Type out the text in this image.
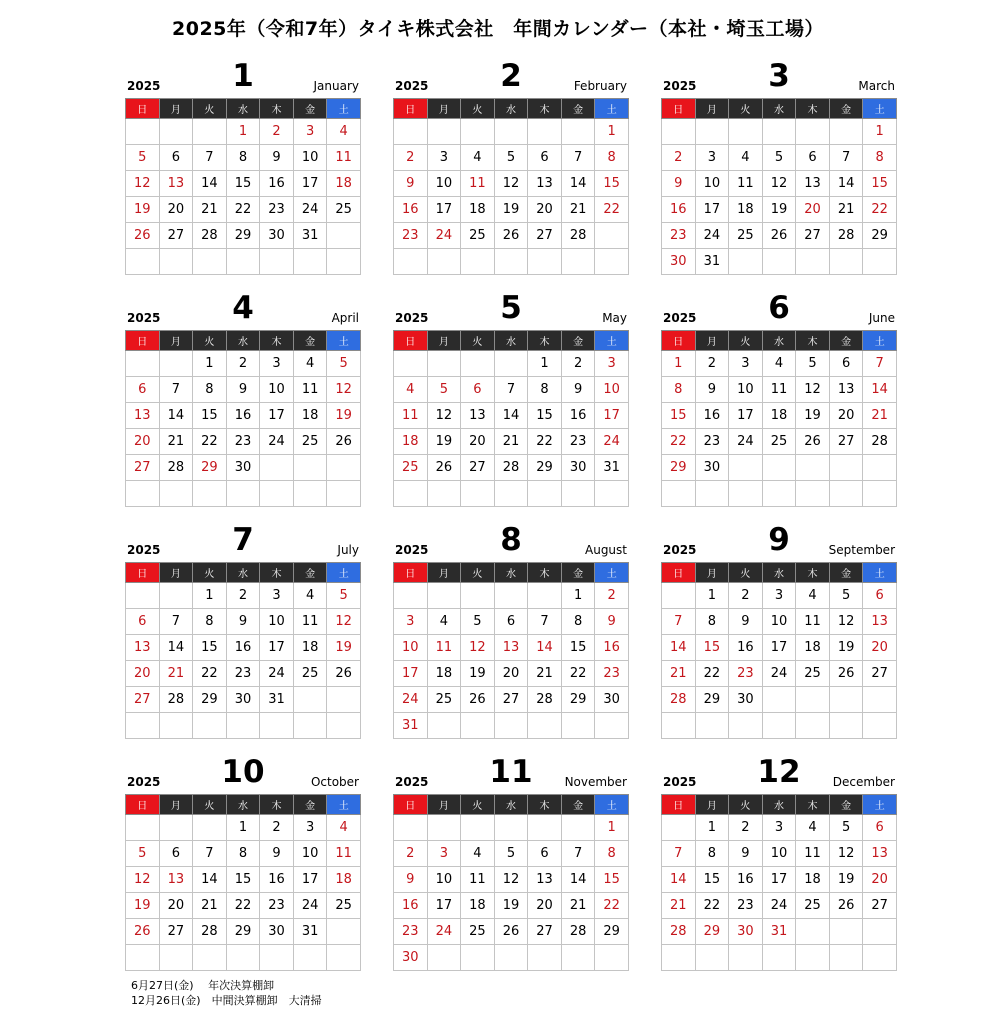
2025年（令和7年）タイキ株式会社　年間カレンダー（本社・埼玉工場）
2025	1	January
日	月	火	水	木	金	土
			1	2	3	4
5	6	7	8	9	10	11
12	13	14	15	16	17	18
19	20	21	22	23	24	25
26	27	28	29	30	31	

2025	2	February
日	月	火	水	木	金	土
						1
2	3	4	5	6	7	8
9	10	11	12	13	14	15
16	17	18	19	20	21	22
23	24	25	26	27	28	

2025	3	March
日	月	火	水	木	金	土
						1
2	3	4	5	6	7	8
9	10	11	12	13	14	15
16	17	18	19	20	21	22
23	24	25	26	27	28	29
30	31					
2025	4	April
日	月	火	水	木	金	土
		1	2	3	4	5
6	7	8	9	10	11	12
13	14	15	16	17	18	19
20	21	22	23	24	25	26
27	28	29	30			

2025	5	May
日	月	火	水	木	金	土
				1	2	3
4	5	6	7	8	9	10
11	12	13	14	15	16	17
18	19	20	21	22	23	24
25	26	27	28	29	30	31

2025	6	June
日	月	火	水	木	金	土
1	2	3	4	5	6	7
8	9	10	11	12	13	14
15	16	17	18	19	20	21
22	23	24	25	26	27	28
29	30					

2025	7	July
日	月	火	水	木	金	土
		1	2	3	4	5
6	7	8	9	10	11	12
13	14	15	16	17	18	19
20	21	22	23	24	25	26
27	28	29	30	31		

2025	8	August
日	月	火	水	木	金	土
					1	2
3	4	5	6	7	8	9
10	11	12	13	14	15	16
17	18	19	20	21	22	23
24	25	26	27	28	29	30
31						
2025	9	September
日	月	火	水	木	金	土
	1	2	3	4	5	6
7	8	9	10	11	12	13
14	15	16	17	18	19	20
21	22	23	24	25	26	27
28	29	30				

2025	10	October
日	月	火	水	木	金	土
			1	2	3	4
5	6	7	8	9	10	11
12	13	14	15	16	17	18
19	20	21	22	23	24	25
26	27	28	29	30	31	

2025	11	November
日	月	火	水	木	金	土
						1
2	3	4	5	6	7	8
9	10	11	12	13	14	15
16	17	18	19	20	21	22
23	24	25	26	27	28	29
30						
2025	12	December
日	月	火	水	木	金	土
	1	2	3	4	5	6
7	8	9	10	11	12	13
14	15	16	17	18	19	20
21	22	23	24	25	26	27
28	29	30	31			

6月27日(金)　 年次決算棚卸
12月26日(金)　中間決算棚卸　大清掃
